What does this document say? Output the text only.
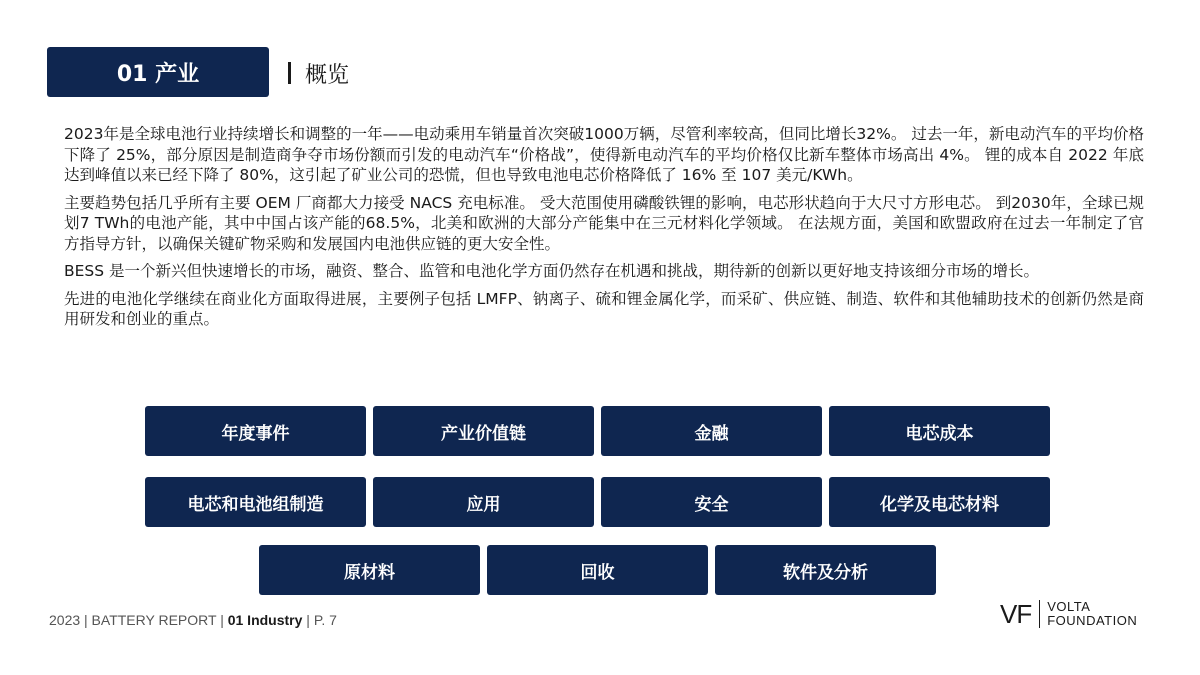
01 产业	概览

2023年是全球电池行业持续增长和调整的一年——电动乘用车销量首次突破1000万辆，尽管利率较高，但同比增长32%。 过去一年，新电动汽车的平均价格下降了 25%，部分原因是制造商争夺市场份额而引发的电动汽车“价格战”，使得新电动汽车的平均价格仅比新车整体市场高出 4%。 锂的成本自 2022 年底达到峰值以来已经下降了 80%，这引起了矿业公司的恐慌，但也导致电池电芯价格降低了 16% 至 107 美元/KWh。

主要趋势包括几乎所有主要 OEM 厂商都大力接受 NACS 充电标准。 受大范围使用磷酸铁锂的影响，电芯形状趋向于大尺寸方形电芯。 到2030年，全球已规划7 TWh的电池产能，其中中国占该产能的68.5%，北美和欧洲的大部分产能集中在三元材料化学领域。 在法规方面，美国和欧盟政府在过去一年制定了官方指导方针，以确保关键矿物采购和发展国内电池供应链的更大安全性。

BESS 是一个新兴但快速增长的市场，融资、整合、监管和电池化学方面仍然存在机遇和挑战，期待新的创新以更好地支持该细分市场的增长。

先进的电池化学继续在商业化方面取得进展，主要例子包括 LMFP、钠离子、硫和锂金属化学，而采矿、供应链、制造、软件和其他辅助技术的创新仍然是商用研发和创业的重点。

年度事件	产业价值链	金融	电芯成本
电芯和电池组制造	应用	安全	化学及电芯材料
原材料	回收	软件及分析
2023 | BATTERY REPORT | 01 Industry | P. 7	VF	VOLTA
FOUNDATION
